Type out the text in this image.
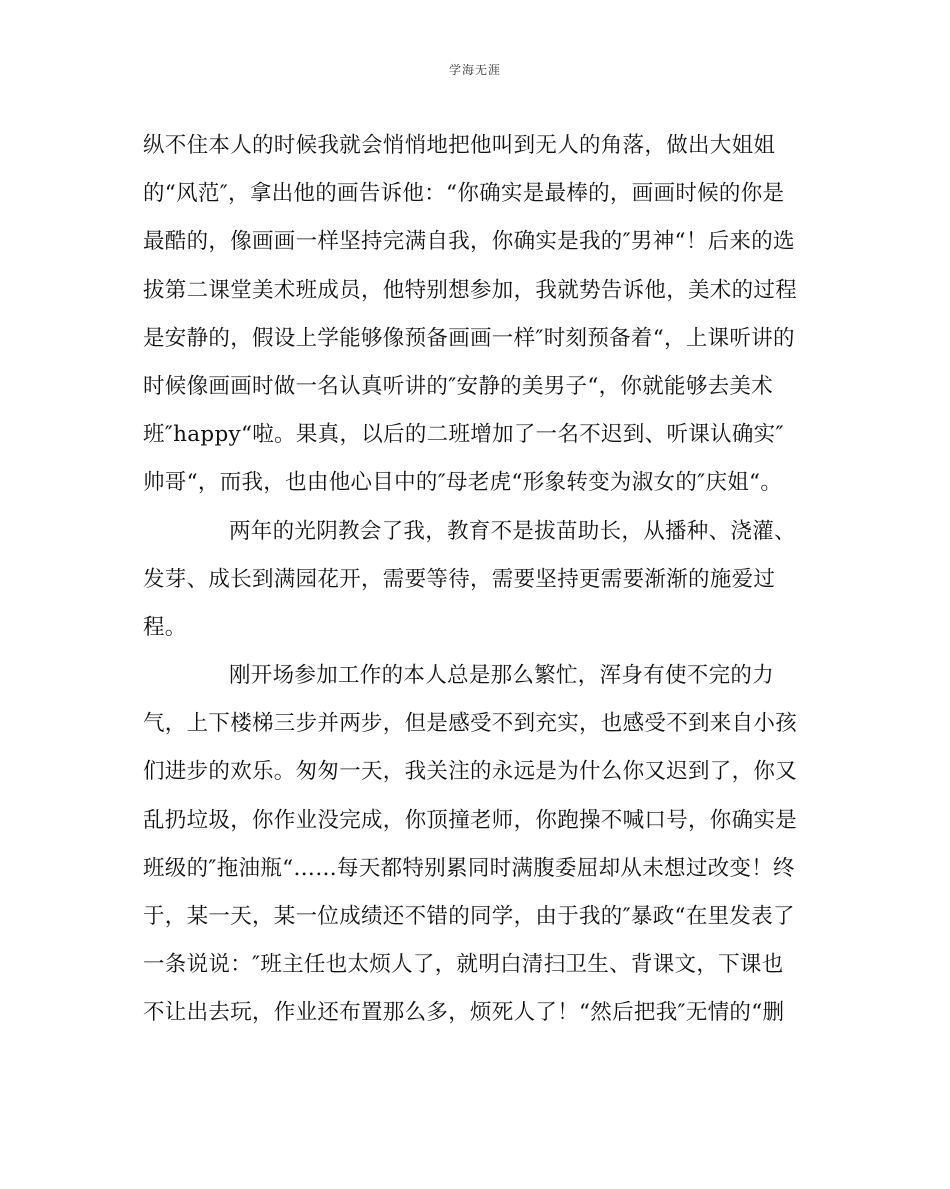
学海无涯
纵不住本人的时候我就会悄悄地把他叫到无人的角落，做出大姐姐
的“风范″，拿出他的画告诉他：“你确实是最棒的，画画时候的你是
最酷的，像画画一样坚持完满自我，你确实是我的″男神“！后来的选
拔第二课堂美术班成员，他特别想参加，我就势告诉他，美术的过程
是安静的，假设上学能够像预备画画一样″时刻预备着“，上课听讲的
时候像画画时做一名认真听讲的″安静的美男子“，你就能够去美术
班″happy“啦。果真，以后的二班增加了一名不迟到、听课认确实″
帅哥“，而我，也由他心目中的″母老虎“形象转变为淑女的″庆姐“。
两年的光阴教会了我，教育不是拔苗助长，从播种、浇灌、
发芽、成长到满园花开，需要等待，需要坚持更需要渐渐的施爱过
程。
刚开场参加工作的本人总是那么繁忙，浑身有使不完的力
气，上下楼梯三步并两步，但是感受不到充实，也感受不到来自小孩
们进步的欢乐。匆匆一天，我关注的永远是为什么你又迟到了，你又
乱扔垃圾，你作业没完成，你顶撞老师，你跑操不喊口号，你确实是
班级的″拖油瓶“……每天都特别累同时满腹委屈却从未想过改变！终
于，某一天，某一位成绩还不错的同学，由于我的″暴政“在里发表了
一条说说：″班主任也太烦人了，就明白清扫卫生、背课文，下课也
不让出去玩，作业还布置那么多，烦死人了！“然后把我″无情的“删
